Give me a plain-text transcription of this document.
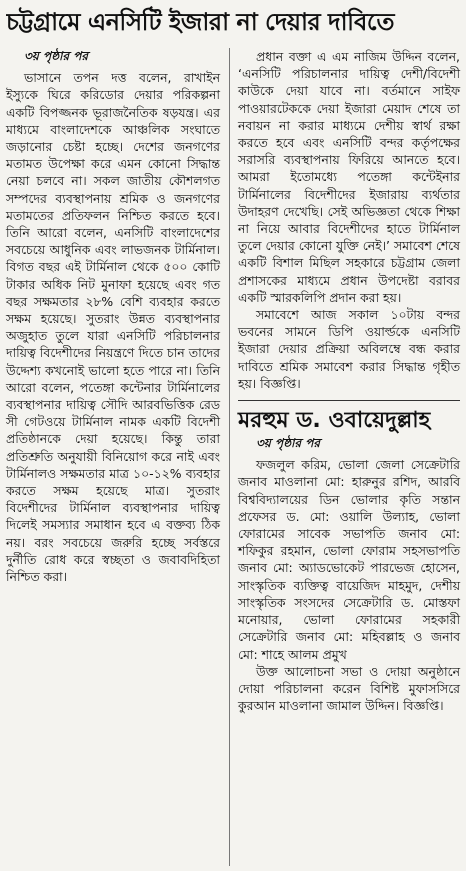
চট্টগ্রামে এনসিটি ইজারা না দেয়ার দাবিতে
৩য় পৃষ্ঠার পর

ভাসানে তপন দত্ত বলেন, রাখাইন ইস্যুকে ঘিরে করিডোর দেয়ার পরিকল্পনা একটি বিপজ্জনক ভূরাজনৈতিক ষড়যন্ত্র। এর মাধ্যমে বাংলাদেশকে আঞ্চলিক সংঘাতে জড়ানোর চেষ্টা হচ্ছে। দেশের জনগণের মতামত উপেক্ষা করে এমন কোনো সিদ্ধান্ত নেয়া চলবে না। সকল জাতীয় কৌশলগত সম্পদের ব্যবস্থাপনায় শ্রমিক ও জনগণের মতামতের প্রতিফলন নিশ্চিত করতে হবে। তিনি আরো বলেন, এনসিটি বাংলাদেশের সবচেয়ে আধুনিক এবং লাভজনক টার্মিনাল। বিগত বছর এই টার্মিনাল থেকে ৫০০ কোটি টাকার অধিক নিট মুনাফা হয়েছে এবং গত বছর সক্ষমতার ২৮% বেশি ব্যবহার করতে সক্ষম হয়েছে। সুতরাং উন্নত ব্যবস্থাপনার অজুহাত তুলে যারা এনসিটি পরিচালনার দায়িত্ব বিদেশীদের নিয়ন্ত্রণে দিতে চান তাদের উদ্দেশ্য কখনোই ভালো হতে পারে না। তিনি আরো বলেন, পতেঙ্গা কন্টেনার টার্মিনালের ব্যবস্থাপনার দায়িত্ব সৌদি আরবভিত্তিক রেড সী গেটওয়ে টার্মিনাল নামক একটি বিদেশী প্রতিষ্ঠানকে দেয়া হয়েছে। কিন্তু তারা প্রতিশ্রুতি অনুযায়ী বিনিয়োগ করে নাই এবং টার্মিনালও সক্ষমতার মাত্র ১০-১২% ব্যবহার করতে সক্ষম হয়েছে মাত্র। সুতরাং বিদেশীদের টার্মিনাল ব্যবস্থাপনার দায়িত্ব দিলেই সমস্যার সমাধান হবে এ বক্তব্য ঠিক নয়। বরং সবচেয়ে জরুরি হচ্ছে সর্বস্তরে দুর্নীতি রোধ করে স্বচ্ছতা ও জবাবদিহিতা নিশ্চিত করা।

প্রধান বক্তা এ এম নাজিম উদ্দিন বলেন, ‘এনসিটি পরিচালনার দায়িত্ব দেশী/বিদেশী কাউকে দেয়া যাবে না। বর্তমানে সাইফ পাওয়ারটেককে দেয়া ইজারা মেয়াদ শেষে তা নবায়ন না করার মাধ্যমে দেশীয় স্বার্থ রক্ষা করতে হবে এবং এনসিটি বন্দর কর্তৃপক্ষের সরাসরি ব্যবস্থাপনায় ফিরিয়ে আনতে হবে। আমরা ইতোমধ্যে পতেঙ্গা কন্টেইনার টার্মিনালের বিদেশীদের ইজারায় ব্যর্থতার উদাহরণ দেখেছি। সেই অভিজ্ঞতা থেকে শিক্ষা না নিয়ে আবার বিদেশীদের হাতে টার্মিনাল তুলে দেয়ার কোনো যুক্তি নেই।’ সমাবেশ শেষে একটি বিশাল মিছিল সহকারে চট্টগ্রাম জেলা প্রশাসকের মাধ্যমে প্রধান উপদেষ্টা বরাবর একটি স্মারকলিপি প্রদান করা হয়।

সমাবেশে আজ সকাল ১০টায় বন্দর ভবনের সামনে ডিপি ওয়ার্ল্ডকে এনসিটি ইজারা দেয়ার প্রক্রিয়া অবিলম্বে বন্ধ করার দাবিতে শ্রমিক সমাবেশ করার সিদ্ধান্ত গৃহীত হয়। বিজ্ঞপ্তি।

মরহুম ড. ওবায়েদুল্লাহ
৩য় পৃষ্ঠার পর

ফজলুল করিম, ভোলা জেলা সেক্রেটারি জনাব মাওলানা মো: হারুনুর রশিদ, আরবি বিশ্ববিদ্যালয়ের ডিন ভোলার কৃতি সন্তান প্রফেসর ড. মো: ওয়ালি উল্যাহ, ভোলা ফোরামের সাবেক সভাপতি জনাব মো: শফিকুর রহমান, ভোলা ফোরাম সহসভাপতি জনাব মো: অ্যাডভোকেট পারভেজ হোসেন, সাংস্কৃতিক ব্যক্তিত্ব বায়েজিদ মাহমুদ, দেশীয় সাংস্কৃতিক সংসদের সেক্রেটারি ড. মোস্তফা মনোয়ার, ভোলা ফোরামের সহকারী সেক্রেটারি জনাব মো: মহিবল্লাহ ও জনাব মো: শাহে আলম প্রমুখ

উক্ত আলোচনা সভা ও দোয়া অনুষ্ঠানে দোয়া পরিচালনা করেন বিশিষ্ট মুফাসসিরে কুরআন মাওলানা জামাল উদ্দিন। বিজ্ঞপ্তি।
